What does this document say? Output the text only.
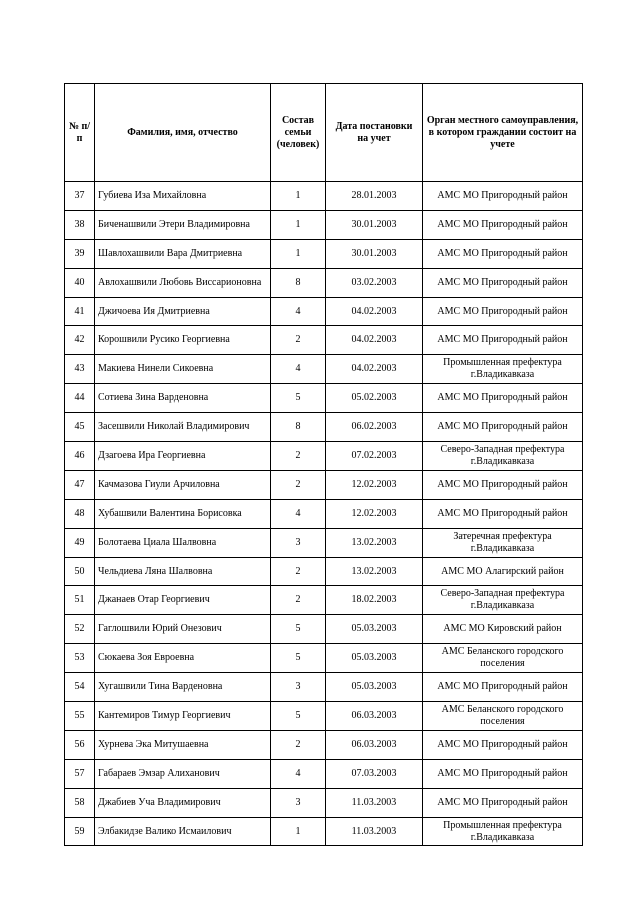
№ п/п	Фамилия, имя, отчество	Состав семьи (человек)	Дата постановки на учет	Орган местного самоуправления, в котором граждании состоит на учете
37	Губиева Иза Михайловна	1	28.01.2003	АМС МО Пригородный район
38	Биченашвили Этери Владимировна	1	30.01.2003	АМС МО Пригородный район
39	Шавлохашвили Вара Дмитриевна	1	30.01.2003	АМС МО Пригородный район
40	Авлохашвили Любовь Виссарионовна	8	03.02.2003	АМС МО Пригородный район
41	Джичоева Ия Дмитриевна	4	04.02.2003	АМС МО Пригородный район
42	Корошвили Русико Георгиевна	2	04.02.2003	АМС МО Пригородный район
43	Макиева Нинели Сикоевна	4	04.02.2003	Промышленная префектура г.Владикавказа
44	Сотиева Зина Варденовна	5	05.02.2003	АМС МО Пригородный район
45	Засешвили Николай Владимирович	8	06.02.2003	АМС МО Пригородный район
46	Дзагоева Ира Георгиевна	2	07.02.2003	Северо-Западная префектура г.Владикавказа
47	Качмазова Гиули Арчиловна	2	12.02.2003	АМС МО Пригородный район
48	Хубашвили Валентина Борисовка	4	12.02.2003	АМС МО Пригородный район
49	Болотаева Циала Шалвовна	3	13.02.2003	Затеречная префектура г.Владикавказа
50	Чельдиева Ляна Шалвовна	2	13.02.2003	АМС МО Алагирский район
51	Джанаев Отар Георгиевич	2	18.02.2003	Северо-Западная префектура г.Владикавказа
52	Гаглошвили Юрий Онезович	5	05.03.2003	АМС МО Кировский район
53	Сюкаева Зоя Евроевна	5	05.03.2003	АМС Беланского городского поселения
54	Хугашвили Тина Варденовна	3	05.03.2003	АМС МО Пригородный район
55	Кантемиров Тимур Георгиевич	5	06.03.2003	АМС Беланского городского поселения
56	Хурнева Эка Митушаевна	2	06.03.2003	АМС МО Пригородный район
57	Габараев Эмзар Алиханович	4	07.03.2003	АМС МО Пригородный район
58	Джабиев Уча Владимирович	3	11.03.2003	АМС МО Пригородный район
59	Элбакидзе Валико Исмаилович	1	11.03.2003	Промышленная префектура г.Владикавказа
